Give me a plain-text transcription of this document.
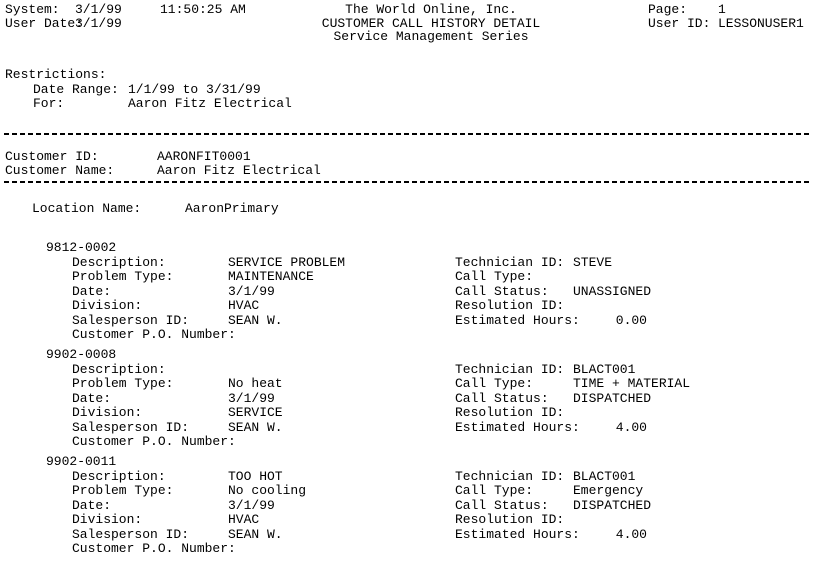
System: 3/1/99	11:50:25 AM	The World Online, Inc.	Page: 1
User Date:
3/1/99	CUSTOMER CALL HISTORY DETAIL	User ID: LESSONUSER1
Service Management Series
Restrictions:
Date Range: 1/1/99 to 3/31/99
For:	Aaron Fitz Electrical
Customer ID:	AARONFIT0001
Customer Name:	Aaron Fitz Electrical
Location Name:	AaronPrimary
9812-0002
Description:	SERVICE PROBLEM
Problem Type:	MAINTENANCE
Date:	3/1/99
Division:	HVAC
Salesperson ID:	SEAN W.
Customer P.O. Number:
Technician ID: STEVE
Call Type:
Call Status: UNASSIGNED
Resolution ID:
Estimated Hours:	0.00
9902-0008
Description:
Problem Type:	No heat
Date:	3/1/99
Division:	SERVICE
Salesperson ID:	SEAN W.
Customer P.O. Number:
Technician ID: BLACT001
Call Type:	TIME + MATERIAL
Call Status: DISPATCHED
Resolution ID:
Estimated Hours:	4.00
9902-0011
Description:	TOO HOT
Problem Type:	No cooling
Date:	3/1/99
Division:	HVAC
Salesperson ID:	SEAN W.
Customer P.O. Number:
Technician ID: BLACT001
Call Type:	Emergency
Call Status: DISPATCHED
Resolution ID:
Estimated Hours:	4.00
